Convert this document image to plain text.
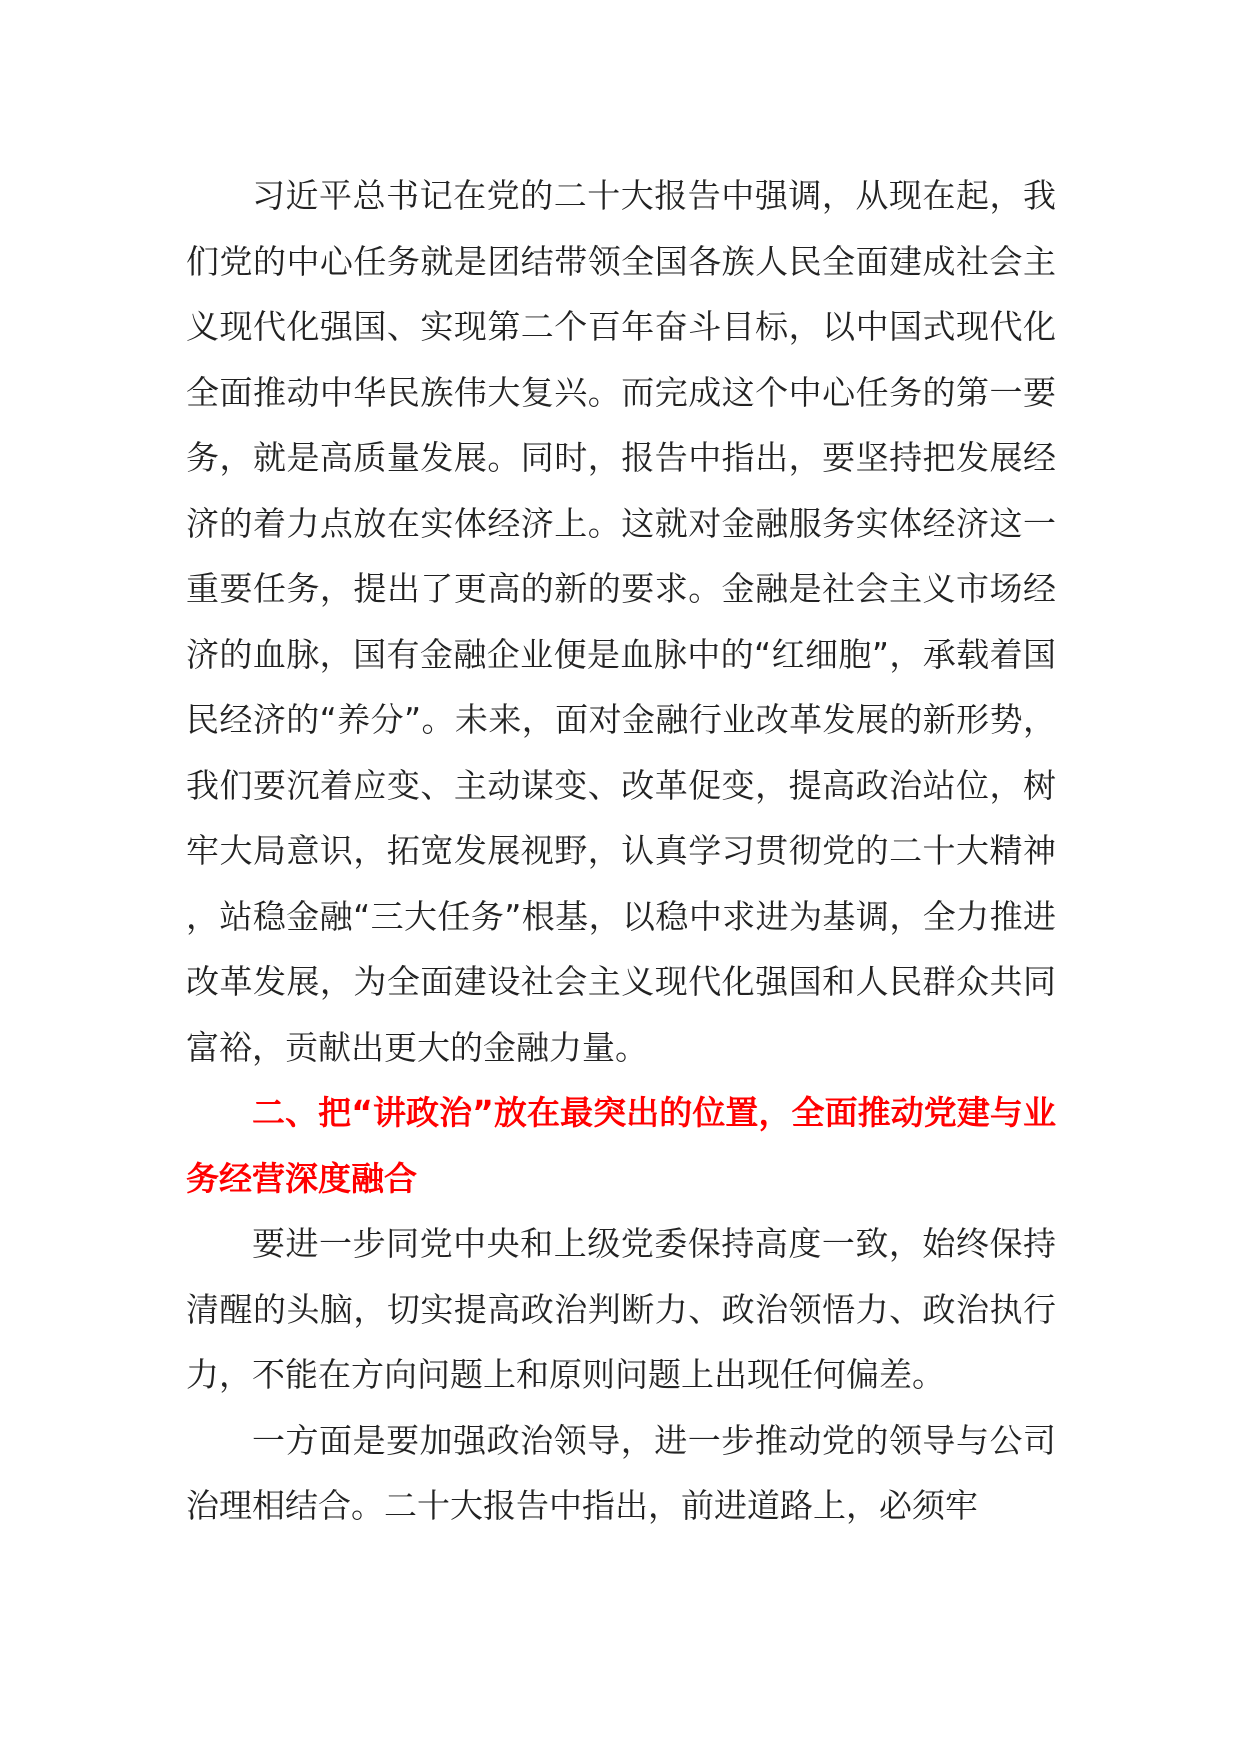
习近平总书记在党的二十大报告中强调，从现在起，我们党的中心任务就是团结带领全国各族人民全面建成社会主义现代化强国、实现第二个百年奋斗目标，以中国式现代化全面推动中华民族伟大复兴。而完成这个中心任务的第一要务，就是高质量发展。同时，报告中指出，要坚持把发展经济的着力点放在实体经济上。这就对金融服务实体经济这一重要任务，提出了更高的新的要求。金融是社会主义市场经济的血脉，国有金融企业便是血脉中的“红细胞”，承载着国民经济的“养分”。未来，面对金融行业改革发展的新形势，我们要沉着应变、主动谋变、改革促变，提高政治站位，树牢大局意识，拓宽发展视野，认真学习贯彻党的二十大精神，站稳金融“三大任务”根基，以稳中求进为基调，全力推进改革发展，为全面建设社会主义现代化强国和人民群众共同富裕，贡献出更大的金融力量。

二、把“讲政治”放在最突出的位置，全面推动党建与业务经营深度融合

要进一步同党中央和上级党委保持高度一致，始终保持清醒的头脑，切实提高政治判断力、政治领悟力、政治执行力，不能在方向问题上和原则问题上出现任何偏差。

一方面是要加强政治领导，进一步推动党的领导与公司治理相结合。二十大报告中指出，前进道路上，必须牢
